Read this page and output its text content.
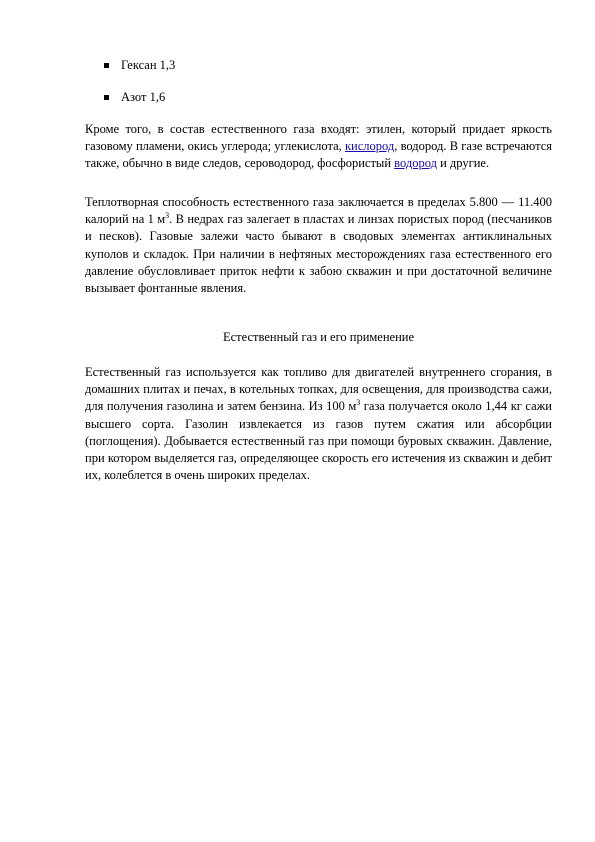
Гексан 1,3
Азот 1,6

Кроме того, в состав естественного газа входят: этилен, который придает яркость газовому пламени, окись углерода; углекислота, кислород, водород. В газе встречаются также, обычно в виде следов, сероводород, фосфористый водород и другие.

Теплотворная способность естественного газа заключается в пределах 5.800 — 11.400 калорий на 1 $м^3$. В недрах газ залегает в пластах и линзах пористых пород (песчаников и песков). Газовые залежи часто бывают в сводовых элементах антиклинальных куполов и складок. При наличии в нефтяных месторождениях газа естественного его давление обусловливает приток нефти к забою скважин и при достаточной величине вызывает фонтанные явления.

Естественный газ и его применение

Естественный газ используется как топливо для двигателей внутреннего сгорания, в домашних плитах и печах, в котельных топках, для освещения, для производства сажи, для получения газолина и затем бензина. Из 100 $м^3$ газа получается около 1,44 кг сажи высшего сорта. Газолин извлекается из газов путем сжатия или абсорбции (поглощения). Добывается естественный газ при помощи буровых скважин. Давление, при котором выделяется газ, определяющее скорость его истечения из скважин и дебит их, колеблется в очень широких пределах.
